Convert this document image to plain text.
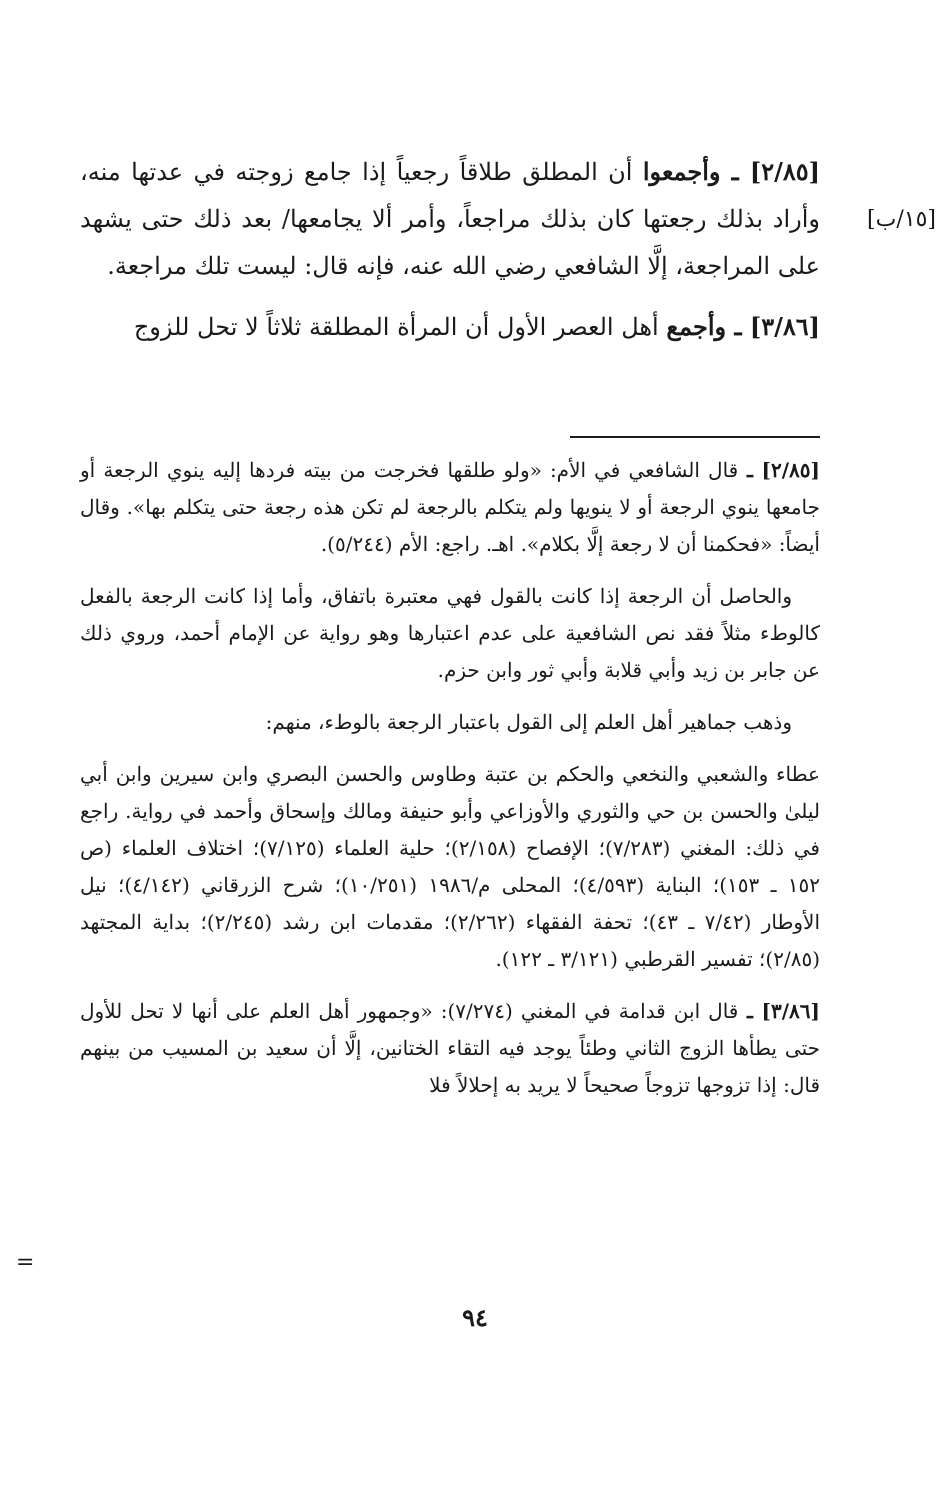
[١٥/ب]

[٢/٨٥] ـ وأجمعوا أن المطلق طلاقاً رجعياً إذا جامع زوجته في عدتها منه، وأراد بذلك رجعتها كان بذلك مراجعاً، وأمر ألا يجامعها/ بعد ذلك حتى يشهد على المراجعة، إلَّا الشافعي رضي الله عنه، فإنه قال: ليست تلك مراجعة.

[٣/٨٦] ـ وأجمع أهل العصر الأول أن المرأة المطلقة ثلاثاً لا تحل للزوج

[٢/٨٥] ـ قال الشافعي في الأم: «ولو طلقها فخرجت من بيته فردها إليه ينوي الرجعة أو جامعها ينوي الرجعة أو لا ينويها ولم يتكلم بالرجعة لم تكن هذه رجعة حتى يتكلم بها». وقال أيضاً: «فحكمنا أن لا رجعة إلَّا بكلام». اهـ. راجع: الأم (٥/٢٤٤).

والحاصل أن الرجعة إذا كانت بالقول فهي معتبرة باتفاق، وأما إذا كانت الرجعة بالفعل كالوطء مثلاً فقد نص الشافعية على عدم اعتبارها وهو رواية عن الإمام أحمد، وروي ذلك عن جابر بن زيد وأبي قلابة وأبي ثور وابن حزم.

وذهب جماهير أهل العلم إلى القول باعتبار الرجعة بالوطء، منهم:

عطاء والشعبي والنخعي والحكم بن عتبة وطاوس والحسن البصري وابن سيرين وابن أبي ليلىٰ والحسن بن حي والثوري والأوزاعي وأبو حنيفة ومالك وإسحاق وأحمد في رواية. راجع في ذلك: المغني (٧/٢٨٣)؛ الإفصاح (٢/١٥٨)؛ حلية العلماء (٧/١٢٥)؛ اختلاف العلماء (ص ١٥٢ ـ ١٥٣)؛ البناية (٤/٥٩٣)؛ المحلى م/١٩٨٦ (١٠/٢٥١)؛ شرح الزرقاني (٤/١٤٢)؛ نيل الأوطار (٧/٤٢ ـ ٤٣)؛ تحفة الفقهاء (٢/٢٦٢)؛ مقدمات ابن رشد (٢/٢٤٥)؛ بداية المجتهد (٢/٨٥)؛ تفسير القرطبي (٣/١٢١ ـ ١٢٢).

[٣/٨٦] ـ قال ابن قدامة في المغني (٧/٢٧٤): «وجمهور أهل العلم على أنها لا تحل للأول حتى يطأها الزوج الثاني وطئاً يوجد فيه التقاء الختانين، إلَّا أن سعيد بن المسيب من بينهم قال: إذا تزوجها تزوجاً صحيحاً لا يريد به إحلالاً فلا

=
٩٤
